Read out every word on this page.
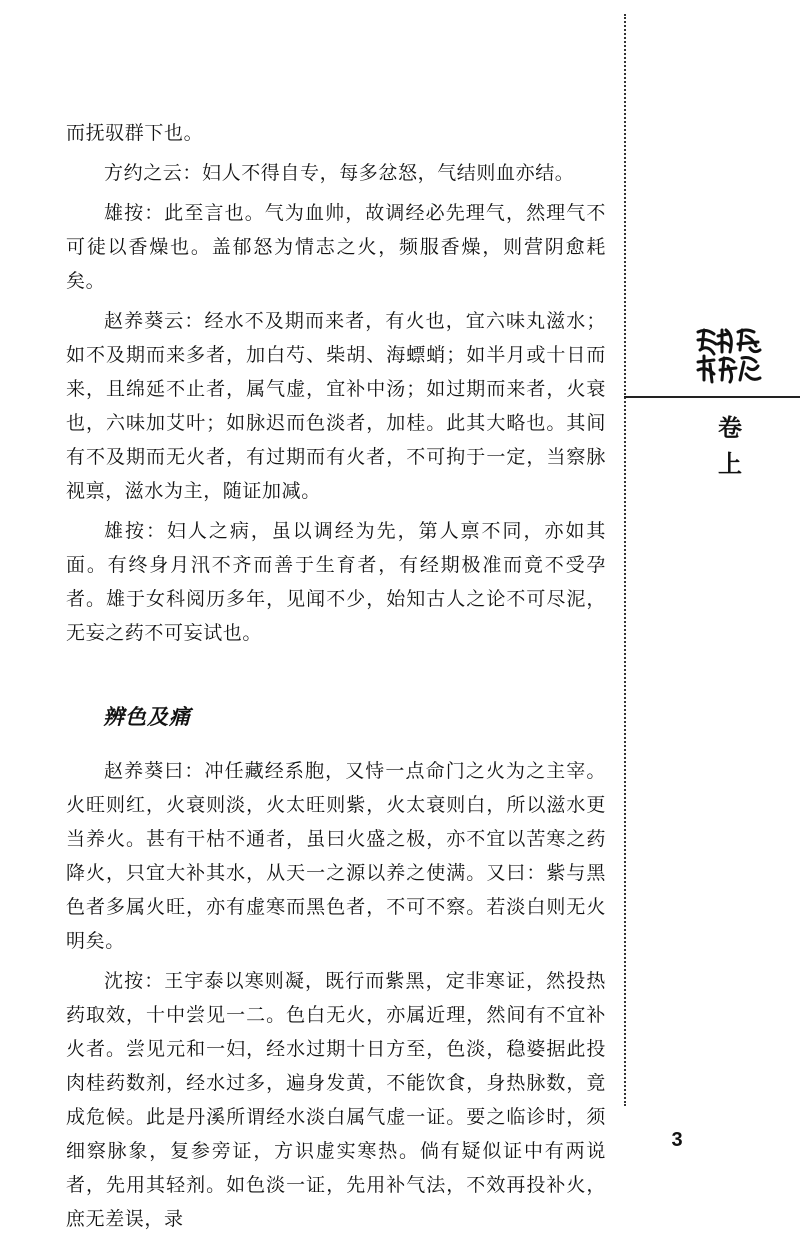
卷上

而抚驭群下也。

方约之云：妇人不得自专，每多忿怒，气结则血亦结。

雄按：此至言也。气为血帅，故调经必先理气，然理气不可徒以香燥也。盖郁怒为情志之火，频服香燥，则营阴愈耗矣。

赵养葵云：经水不及期而来者，有火也，宜六味丸滋水；如不及期而来多者，加白芍、柴胡、海螵蛸；如半月或十日而来，且绵延不止者，属气虚，宜补中汤；如过期而来者，火衰也，六味加艾叶；如脉迟而色淡者，加桂。此其大略也。其间有不及期而无火者，有过期而有火者，不可拘于一定，当察脉视禀，滋水为主，随证加减。

雄按：妇人之病，虽以调经为先，第人禀不同，亦如其面。有终身月汛不齐而善于生育者，有经期极准而竟不受孕者。雄于女科阅历多年，见闻不少，始知古人之论不可尽泥，无妄之药不可妄试也。

辨色及痛

赵养葵曰：冲任藏经系胞，又恃一点命门之火为之主宰。火旺则红，火衰则淡，火太旺则紫，火太衰则白，所以滋水更当养火。甚有干枯不通者，虽曰火盛之极，亦不宜以苦寒之药降火，只宜大补其水，从天一之源以养之使满。又曰：紫与黑色者多属火旺，亦有虚寒而黑色者，不可不察。若淡白则无火明矣。

沈按：王宇泰以寒则凝，既行而紫黑，定非寒证，然投热药取效，十中尝见一二。色白无火，亦属近理，然间有不宜补火者。尝见元和一妇，经水过期十日方至，色淡，稳婆据此投肉桂药数剂，经水过多，遍身发黄，不能饮食，身热脉数，竟成危候。此是丹溪所谓经水淡白属气虚一证。要之临诊时，须细察脉象，复参旁证，方识虚实寒热。倘有疑似证中有两说者，先用其轻剂。如色淡一证，先用补气法，不效再投补火，庶无差误，录

3
